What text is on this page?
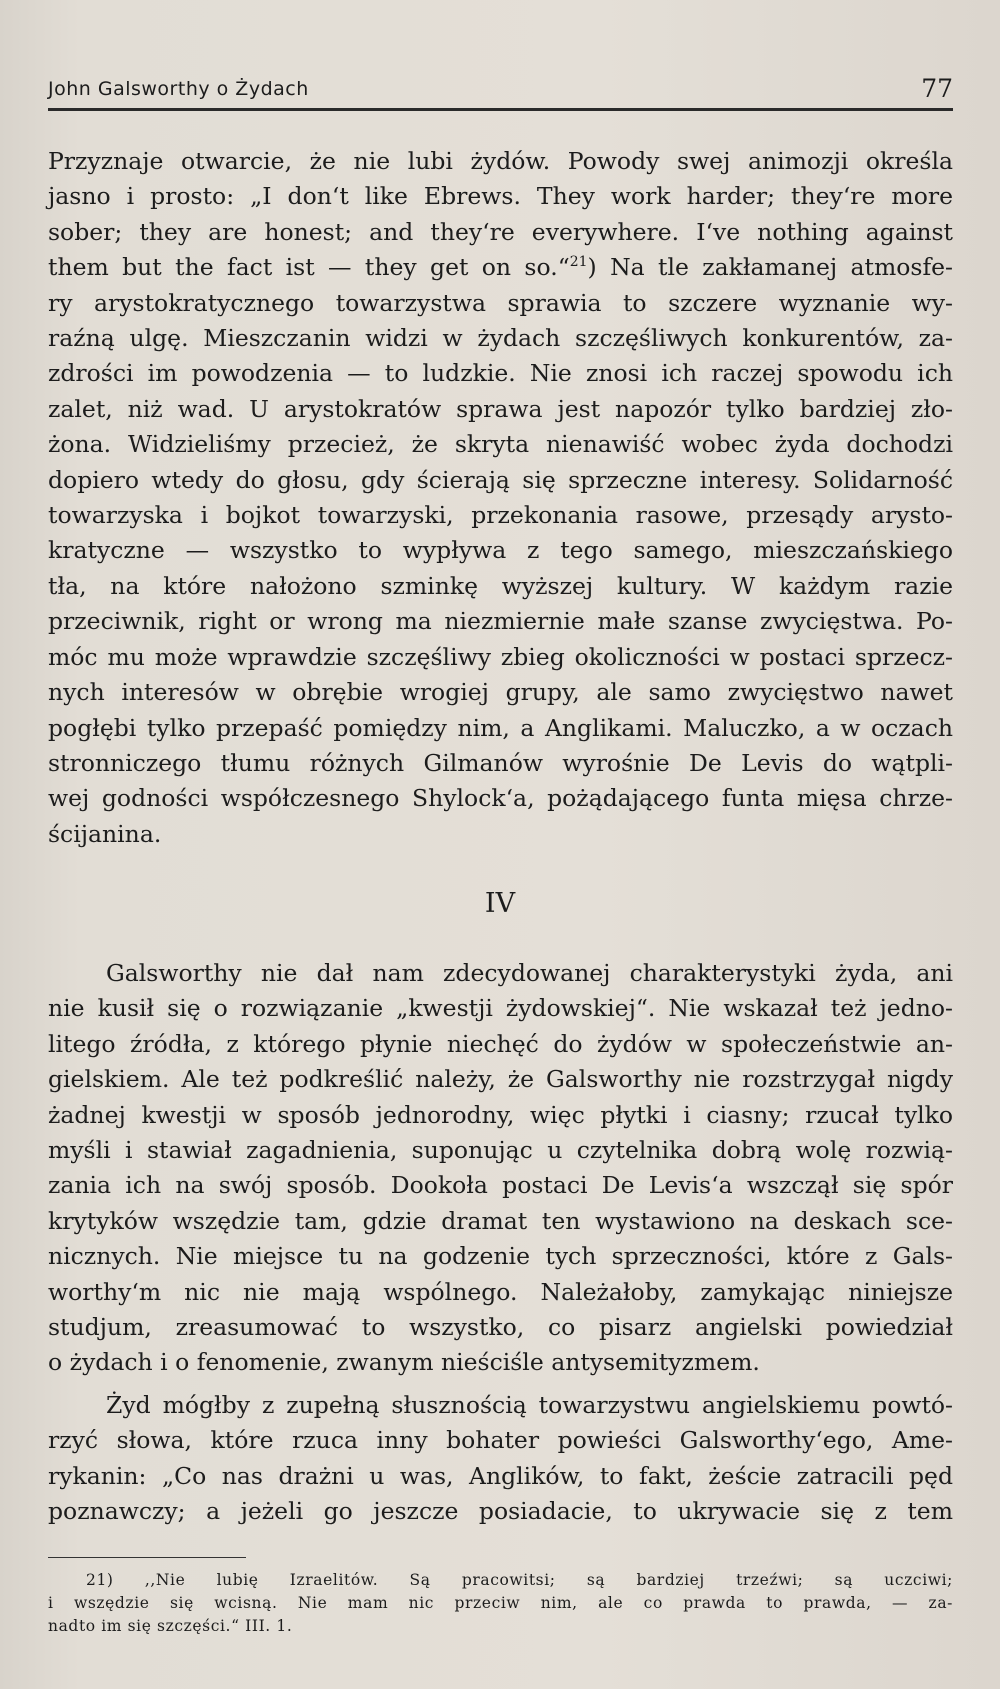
John Galsworthy o Żydach	77
Przyznaje otwarcie, że nie lubi żydów. Powody swej animozji określa
jasno i prosto: „I don‘t like Ebrews. They work harder; they‘re more
sober; they are honest; and they‘re everywhere. I‘ve nothing against
them but the fact ist — they get on so.“$^{21}$) Na tle zakłamanej atmosfe-
ry arystokratycznego towarzystwa sprawia to szczere wyznanie wy-
raźną ulgę. Mieszczanin widzi w żydach szczęśliwych konkurentów, za-
zdrości im powodzenia — to ludzkie. Nie znosi ich raczej spowodu ich
zalet, niż wad. U arystokratów sprawa jest napozór tylko bardziej zło-
żona. Widzieliśmy przecież, że skryta nienawiść wobec żyda dochodzi
dopiero wtedy do głosu, gdy ścierają się sprzeczne interesy. Solidarność
towarzyska i bojkot towarzyski, przekonania rasowe, przesądy arysto-
kratyczne — wszystko to wypływa z tego samego, mieszczańskiego
tła, na które nałożono szminkę wyższej kultury. W każdym razie
przeciwnik, right or wrong ma niezmiernie małe szanse zwycięstwa. Po-
móc mu może wprawdzie szczęśliwy zbieg okoliczności w postaci sprzecz-
nych interesów w obrębie wrogiej grupy, ale samo zwycięstwo nawet
pogłębi tylko przepaść pomiędzy nim, a Anglikami. Maluczko, a w oczach
stronniczego tłumu różnych Gilmanów wyrośnie De Levis do wątpli-
wej godności współczesnego Shylock‘a, pożądającego funta mięsa chrze-
ścijanina.
IV
Galsworthy nie dał nam zdecydowanej charakterystyki żyda, ani
nie kusił się o rozwiązanie „kwestji żydowskiej“. Nie wskazał też jedno-
litego źródła, z którego płynie niechęć do żydów w społeczeństwie an-
gielskiem. Ale też podkreślić należy, że Galsworthy nie rozstrzygał nigdy
żadnej kwestji w sposób jednorodny, więc płytki i ciasny; rzucał tylko
myśli i stawiał zagadnienia, suponując u czytelnika dobrą wolę rozwią-
zania ich na swój sposób. Dookoła postaci De Levis‘a wszczął się spór
krytyków wszędzie tam, gdzie dramat ten wystawiono na deskach sce-
nicznych. Nie miejsce tu na godzenie tych sprzeczności, które z Gals-
worthy‘m nic nie mają wspólnego. Należałoby, zamykając niniejsze
studjum, zreasumować to wszystko, co pisarz angielski powiedział
o żydach i o fenomenie, zwanym nieściśle antysemityzmem.
Żyd mógłby z zupełną słusznością towarzystwu angielskiemu powtó-
rzyć słowa, które rzuca inny bohater powieści Galsworthy‘ego, Ame-
rykanin: „Co nas drażni u was, Anglików, to fakt, żeście zatracili pęd
poznawczy; a jeżeli go jeszcze posiadacie, to ukrywacie się z tem
21) ,,Nie lubię Izraelitów. Są pracowitsi; są bardziej trzeźwi; są uczciwi;
i wszędzie się wcisną. Nie mam nic przeciw nim, ale co prawda to prawda, — za-
nadto im się szczęści.“ III. 1.
